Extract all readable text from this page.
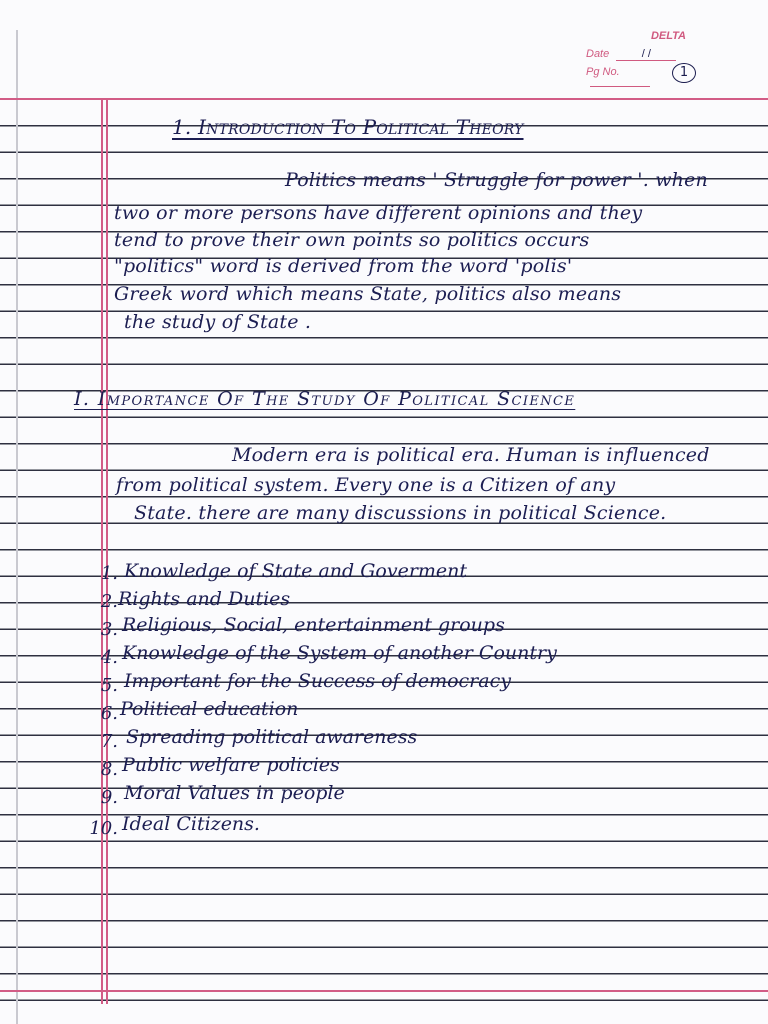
DELTA
Date	/ /
Pg No.	1
1. Introduction To Political Theory
Politics means ' Struggle for power '. when
two or more persons have different opinions and they
tend to prove their own points so politics occurs
"politics" word is derived from the word 'polis'
Greek word which means State, politics also means
the study of State .
I. Importance Of The Study Of Political Science
Modern era is political era. Human is influenced
from political system. Every one is a Citizen of any
State. there are many discussions in political Science.
1. Knowledge of State and Goverment
2. Rights and Duties
3. Religious, Social, entertainment groups
4. Knowledge of the System of another Country
5. Important for the Success of democracy
6. Political education
7. Spreading political awareness
8. Public welfare policies
9. Moral Values in people
10. Ideal Citizens.
